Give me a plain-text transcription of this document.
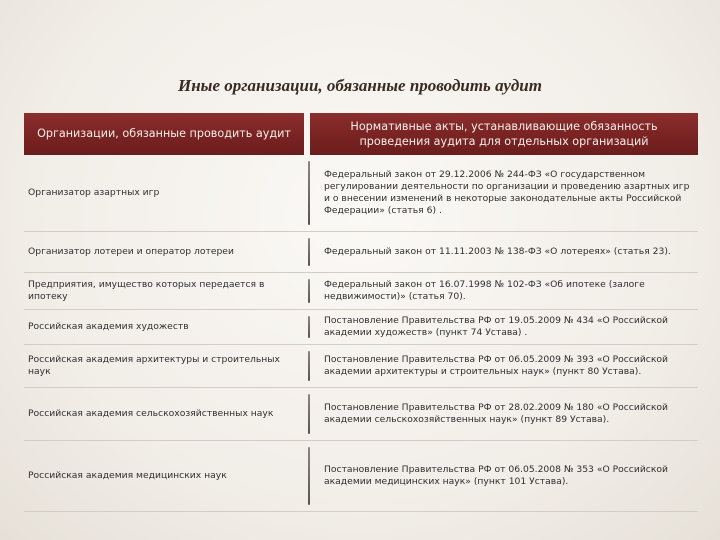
Иные организации, обязанные проводить аудит
Организации, обязанные проводить аудит
Нормативные акты, устанавливающие обязанность проведения аудита для отдельных организаций
Организатор азартных игр
Федеральный закон от 29.12.2006 № 244-ФЗ «О государственном регулировании деятельности по организации и проведению азартных игр и о внесении изменений в некоторые законодательные акты Российской Федерации» (статья 6) .
Организатор лотереи и оператор лотереи	Федеральный закон от 11.11.2003 № 138-ФЗ «О лотереях» (статья 23).
Предприятия, имущество которых передается в ипотеку
Федеральный закон от 16.07.1998 № 102-ФЗ «Об ипотеке (залоге недвижимости)» (статья 70).
Российская академия художеств
Постановление Правительства РФ от 19.05.2009 № 434 «О Российской академии художеств» (пункт 74 Устава) .
Российская академия архитектуры и строительных наук
Постановление Правительства РФ от 06.05.2009 № 393 «О Российской академии архитектуры и строительных наук» (пункт 80 Устава).
Российская академия сельскохозяйственных наук
Постановление Правительства РФ от 28.02.2009 № 180 «О Российской академии сельскохозяйственных наук» (пункт 89 Устава).
Российская академия медицинских наук
Постановление Правительства РФ от 06.05.2008 № 353 «О Российской академии медицинских наук» (пункт 101 Устава).
